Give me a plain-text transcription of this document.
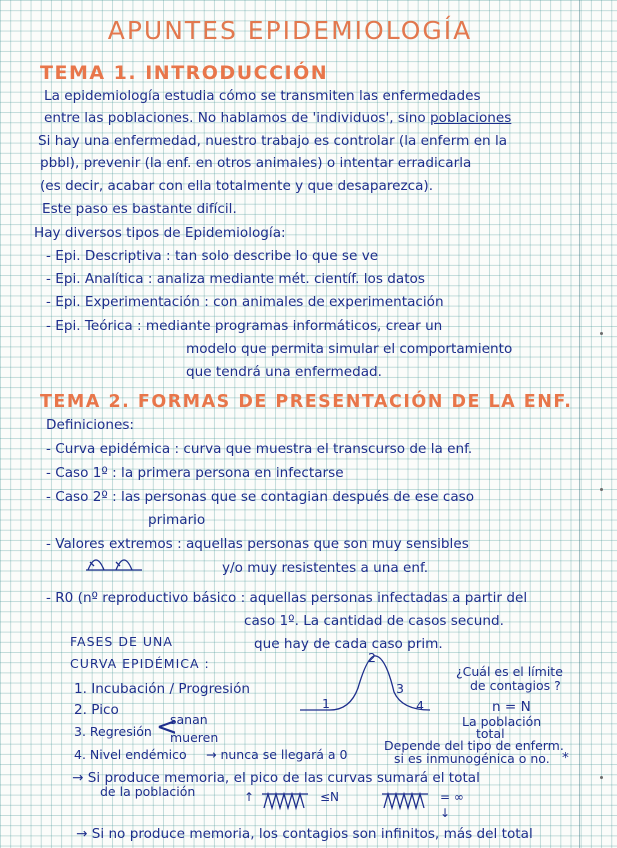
APUNTES EPIDEMIOLOGÍA
TEMA 1. INTRODUCCIÓN
La epidemiología estudia cómo se transmiten las enfermedades
entre las poblaciones. No hablamos de 'individuos', sino poblaciones
Si hay una enfermedad, nuestro trabajo es controlar (la enferm en la
pbbl), prevenir (la enf. en otros animales) o intentar erradicarla
(es decir, acabar con ella totalmente y que desaparezca).
Este paso es bastante difícil.
Hay diversos tipos de Epidemiología:
- Epi. Descriptiva : tan solo describe lo que se ve
- Epi. Analítica : analiza mediante mét. científ. los datos
- Epi. Experimentación : con animales de experimentación
- Epi. Teórica : mediante programas informáticos, crear un
modelo que permita simular el comportamiento
que tendrá una enfermedad.
TEMA 2. FORMAS DE PRESENTACIÓN DE LA ENF.
Definiciones:
- Curva epidémica : curva que muestra el transcurso de la enf.
- Caso 1º : la primera persona en infectarse
- Caso 2º : las personas que se contagian después de ese caso
primario
- Valores extremos : aquellas personas que son muy sensibles
y/o muy resistentes a una enf.
- R0 (nº reproductivo básico : aquellas personas infectadas a partir del
caso 1º. La cantidad de casos secund.
que hay de cada caso prim.
FASES DE UNA
CURVA EPIDÉMICA :
1. Incubación / Progresión
2. Pico
3. Regresión <
sanan
mueren
4. Nivel endémico → nunca se llegará a 0
1
2
3
4
¿Cuál es el límite
de contagios ?
n = N
La población
total
Depende del tipo de enferm.
si es inmunogénica o no. *
→ Si produce memoria, el pico de las curvas sumará el total
de la población	↑	≤N	= ∞
↓
→ Si no produce memoria, los contagios son infinitos, más del total
